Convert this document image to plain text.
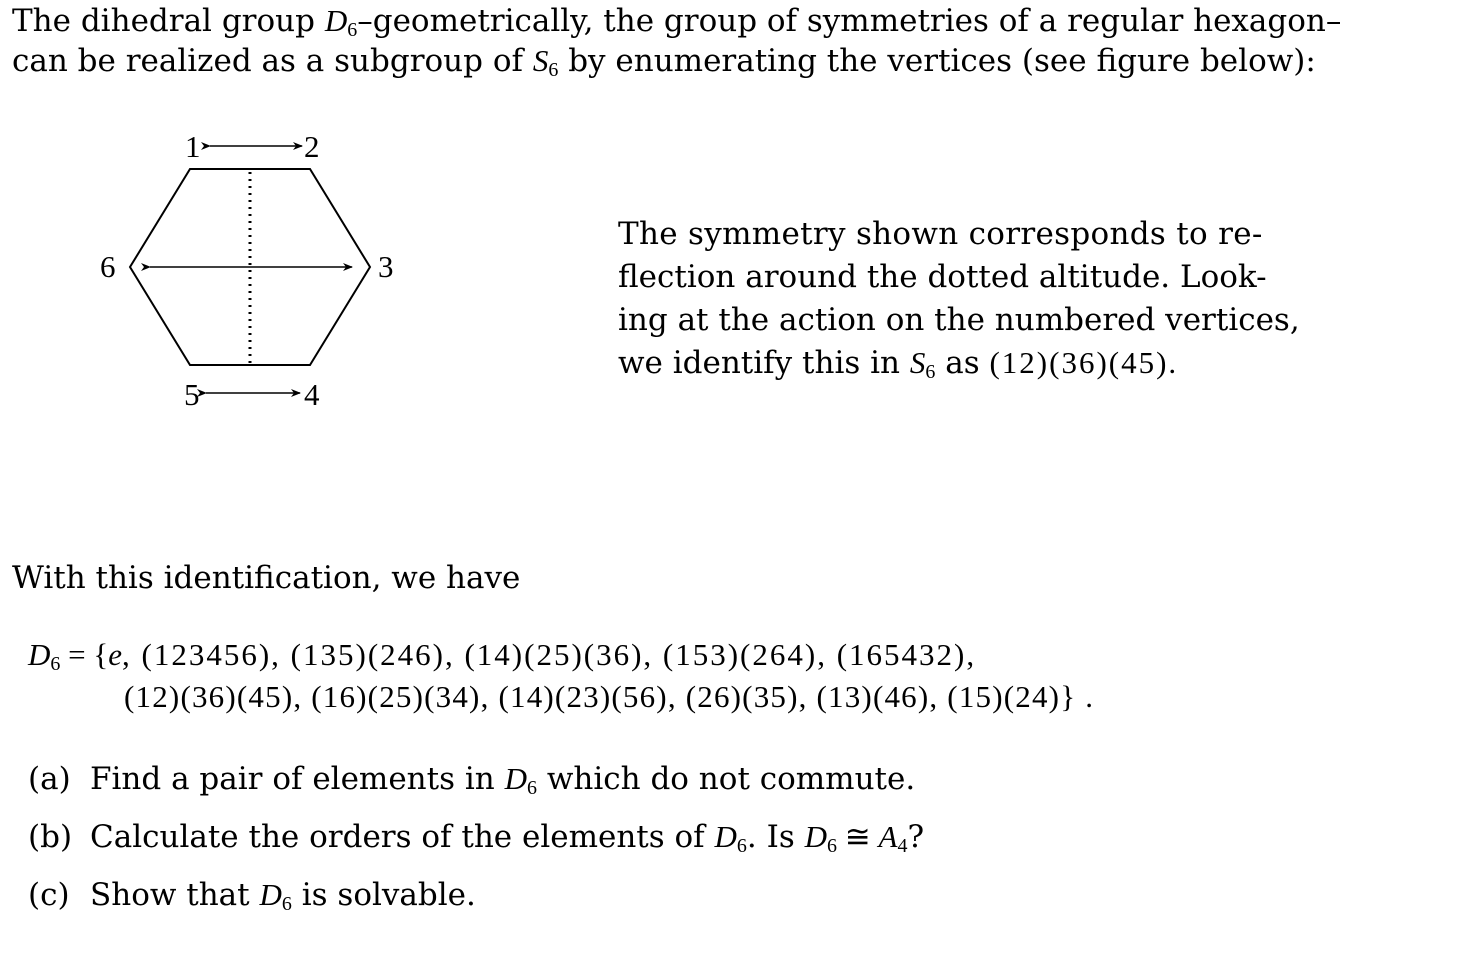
The dihedral group $D_6$–geometrically, the group of symmetries of a regular hexagon–
can be realized as a subgroup of $S_6$ by enumerating the vertices (see figure below):
1	2
3
4
5
6
The symmetry shown corresponds to re-
flection around the dotted altitude. Look-
ing at the action on the numbered vertices,
we identify this in $S_6$ as (12)(36)(45).
With this identification, we have
$D_6 = \{e$, (123456), (135)(246), (14)(25)(36), (153)(264), (165432),
(12)(36)(45), (16)(25)(34), (14)(23)(56), (26)(35), (13)(46), (15)(24)} .
(a) Find a pair of elements in $D_6$ which do not commute.
(b) Calculate the orders of the elements of $D_6$. Is $D_6$ ≅ $A_4$?
(c) Show that $D_6$ is solvable.
